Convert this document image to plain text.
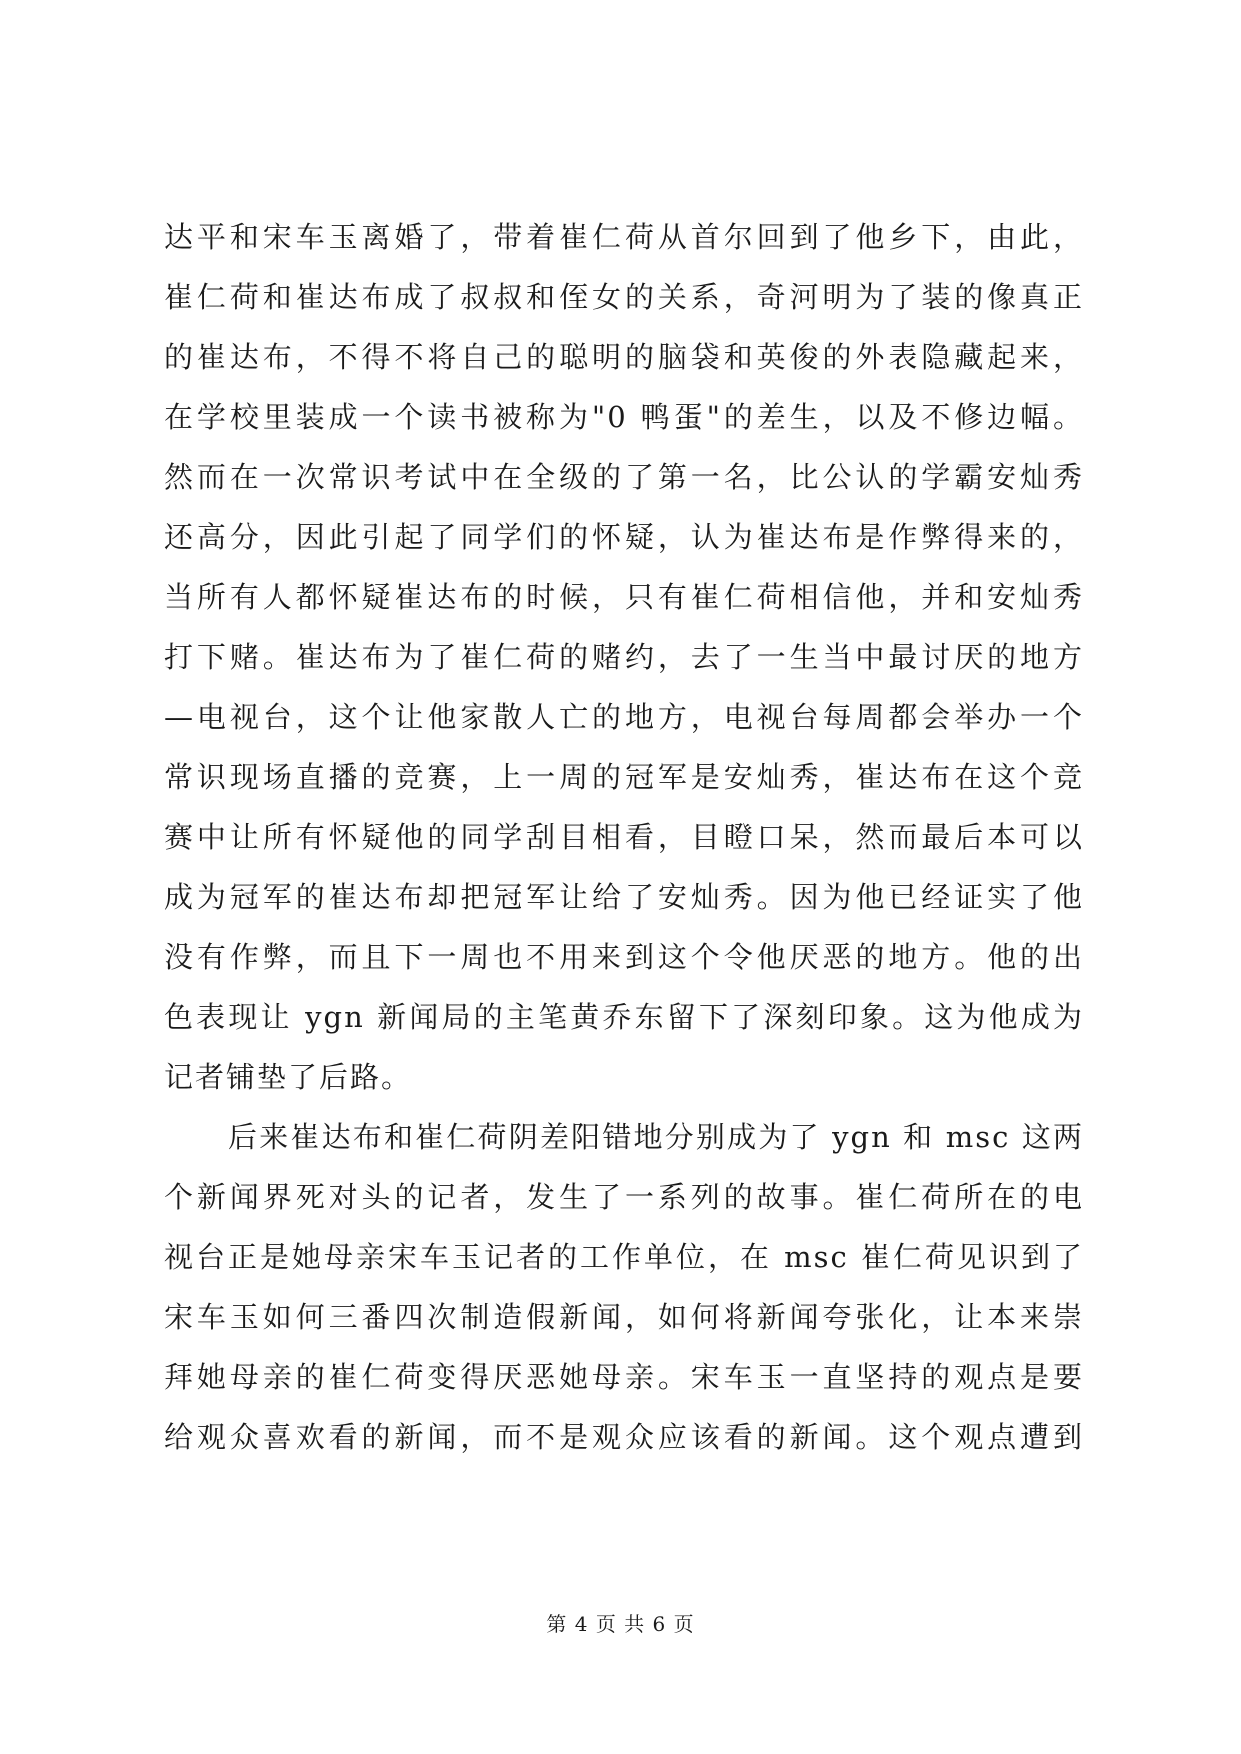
达平和宋车玉离婚了，带着崔仁荷从首尔回到了他乡下，由此，
崔仁荷和崔达布成了叔叔和侄女的关系，奇河明为了装的像真正
的崔达布，不得不将自己的聪明的脑袋和英俊的外表隐藏起来，
在学校里装成一个读书被称为"0 鸭蛋"的差生，以及不修边幅。
然而在一次常识考试中在全级的了第一名，比公认的学霸安灿秀
还高分，因此引起了同学们的怀疑，认为崔达布是作弊得来的，
当所有人都怀疑崔达布的时候，只有崔仁荷相信他，并和安灿秀
打下赌。崔达布为了崔仁荷的赌约，去了一生当中最讨厌的地方
—电视台，这个让他家散人亡的地方，电视台每周都会举办一个
常识现场直播的竞赛，上一周的冠军是安灿秀，崔达布在这个竞
赛中让所有怀疑他的同学刮目相看，目瞪口呆，然而最后本可以
成为冠军的崔达布却把冠军让给了安灿秀。因为他已经证实了他
没有作弊，而且下一周也不用来到这个令他厌恶的地方。他的出
色表现让 ygn 新闻局的主笔黄乔东留下了深刻印象。这为他成为
记者铺垫了后路。
后来崔达布和崔仁荷阴差阳错地分别成为了 ygn 和 msc 这两
个新闻界死对头的记者，发生了一系列的故事。崔仁荷所在的电
视台正是她母亲宋车玉记者的工作单位，在 msc 崔仁荷见识到了
宋车玉如何三番四次制造假新闻，如何将新闻夸张化，让本来崇
拜她母亲的崔仁荷变得厌恶她母亲。宋车玉一直坚持的观点是要
给观众喜欢看的新闻，而不是观众应该看的新闻。这个观点遭到
第 4 页 共 6 页
